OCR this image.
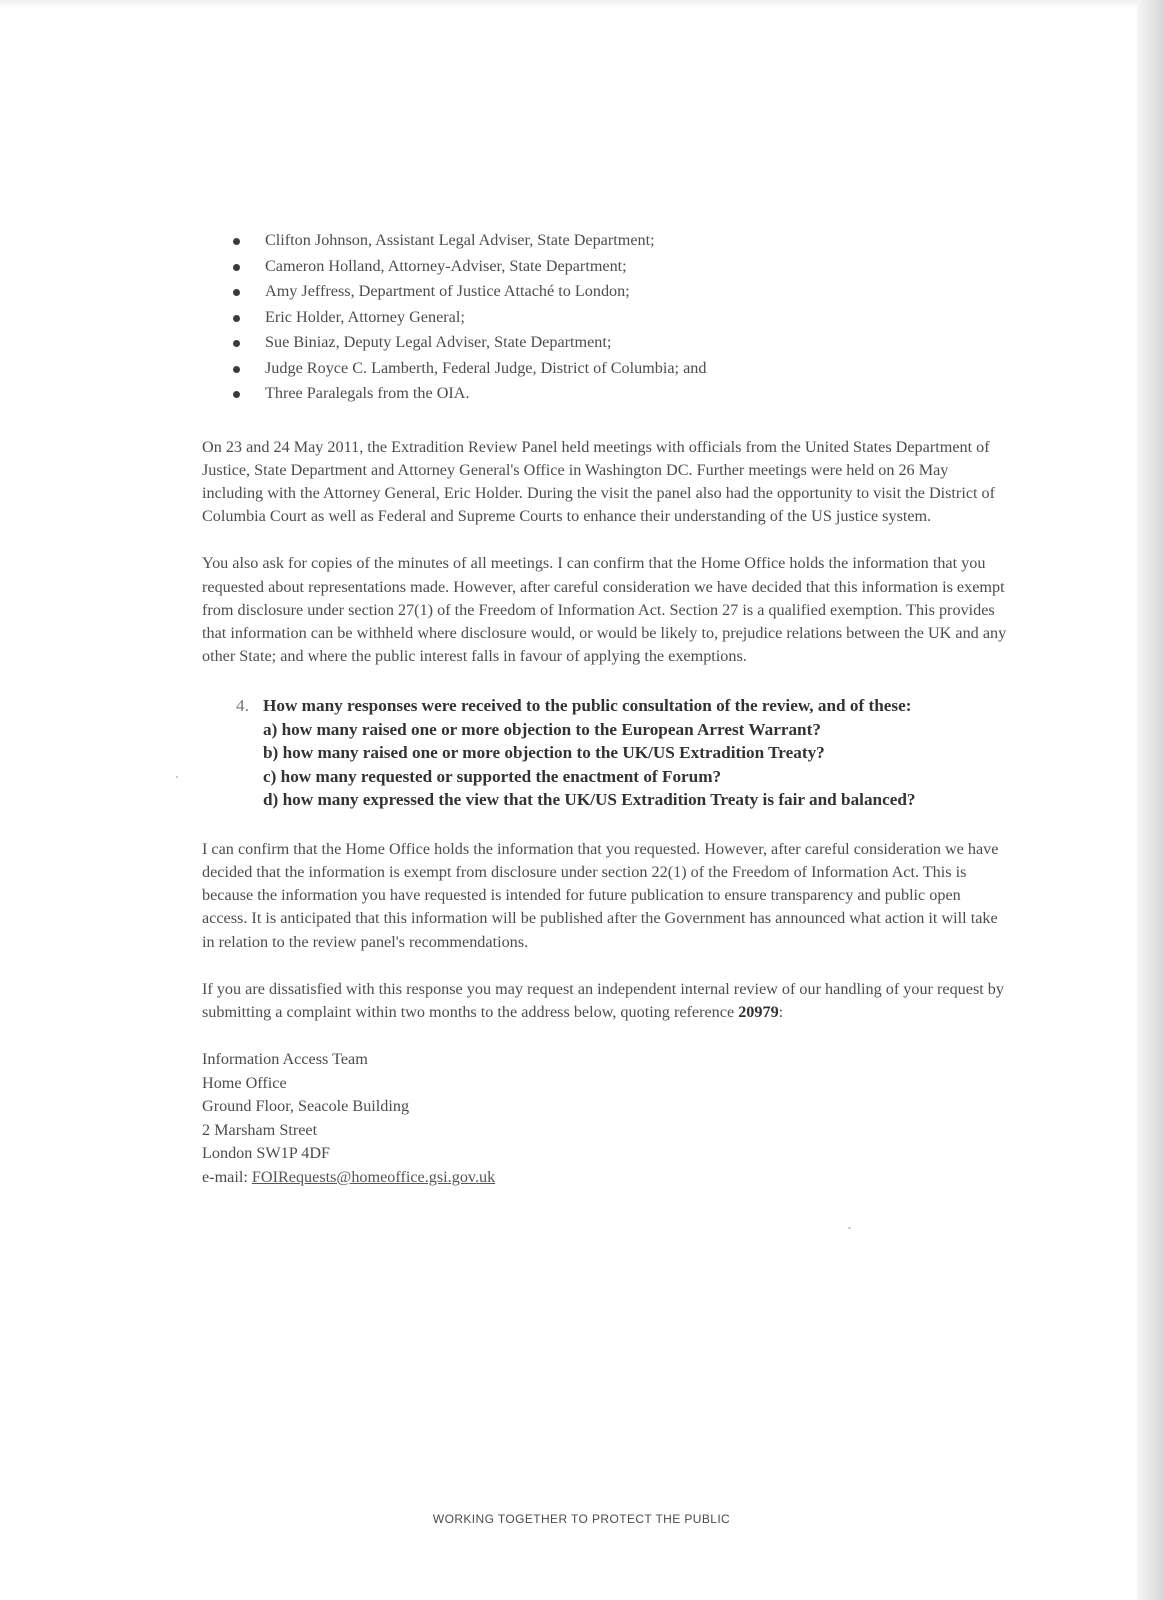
Clifton Johnson, Assistant Legal Adviser, State Department;
Cameron Holland, Attorney-Adviser, State Department;
Amy Jeffress, Department of Justice Attaché to London;
Eric Holder, Attorney General;
Sue Biniaz, Deputy Legal Adviser, State Department;
Judge Royce C. Lamberth, Federal Judge, District of Columbia; and
Three Paralegals from the OIA.

On 23 and 24 May 2011, the Extradition Review Panel held meetings with officials from the United States Department of Justice, State Department and Attorney General's Office in Washington DC. Further meetings were held on 26 May including with the Attorney General, Eric Holder. During the visit the panel also had the opportunity to visit the District of Columbia Court as well as Federal and Supreme Courts to enhance their understanding of the US justice system.

You also ask for copies of the minutes of all meetings. I can confirm that the Home Office holds the information that you requested about representations made. However, after careful consideration we have decided that this information is exempt from disclosure under section 27(1) of the Freedom of Information Act. Section 27 is a qualified exemption. This provides that information can be withheld where disclosure would, or would be likely to, prejudice relations between the UK and any other State; and where the public interest falls in favour of applying the exemptions.

4. How many responses were received to the public consultation of the review, and of these:
a) how many raised one or more objection to the European Arrest Warrant?
b) how many raised one or more objection to the UK/US Extradition Treaty?
c) how many requested or supported the enactment of Forum?
d) how many expressed the view that the UK/US Extradition Treaty is fair and balanced?

I can confirm that the Home Office holds the information that you requested. However, after careful consideration we have decided that the information is exempt from disclosure under section 22(1) of the Freedom of Information Act. This is because the information you have requested is intended for future publication to ensure transparency and public open access. It is anticipated that this information will be published after the Government has announced what action it will take in relation to the review panel's recommendations.

If you are dissatisfied with this response you may request an independent internal review of our handling of your request by submitting a complaint within two months to the address below, quoting reference 20979:

Information Access Team
Home Office
Ground Floor, Seacole Building
2 Marsham Street
London SW1P 4DF
e-mail: FOIRequests@homeoffice.gsi.gov.uk
WORKING TOGETHER TO PROTECT THE PUBLIC
